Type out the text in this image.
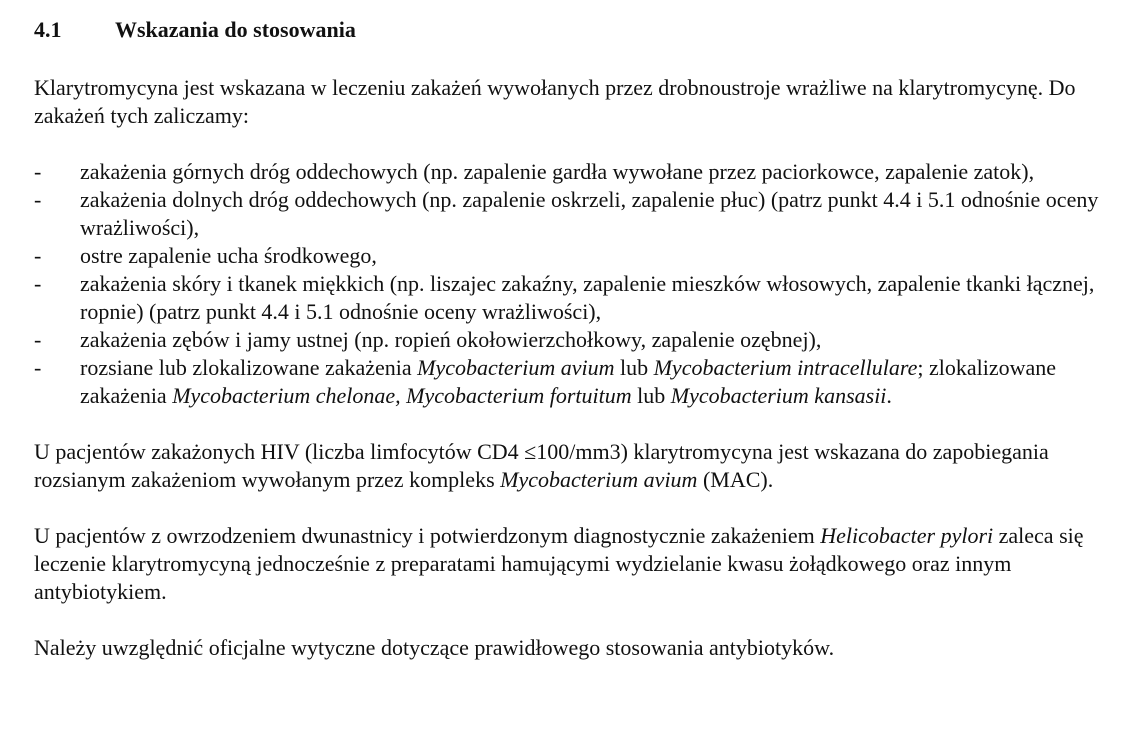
4.1 Wskazania do stosowania

Klarytromycyna jest wskazana w leczeniu zakażeń wywołanych przez drobnoustroje wrażliwe na klarytromycynę. Do zakażeń tych zaliczamy:

- zakażenia górnych dróg oddechowych (np. zapalenie gardła wywołane przez paciorkowce, zapalenie zatok),
- zakażenia dolnych dróg oddechowych (np. zapalenie oskrzeli, zapalenie płuc) (patrz punkt 4.4 i 5.1 odnośnie oceny wrażliwości),
- ostre zapalenie ucha środkowego,
- zakażenia skóry i tkanek miękkich (np. liszajec zakaźny, zapalenie mieszków włosowych, zapalenie tkanki łącznej, ropnie) (patrz punkt 4.4 i 5.1 odnośnie oceny wrażliwości),
- zakażenia zębów i jamy ustnej (np. ropień okołowierzchołkowy, zapalenie ozębnej),
- rozsiane lub zlokalizowane zakażenia Mycobacterium avium lub Mycobacterium intracellulare; zlokalizowane zakażenia Mycobacterium chelonae, Mycobacterium fortuitum lub Mycobacterium kansasii.

U pacjentów zakażonych HIV (liczba limfocytów CD4 ≤100/mm3) klarytromycyna jest wskazana do zapobiegania rozsianym zakażeniom wywołanym przez kompleks Mycobacterium avium (MAC).

U pacjentów z owrzodzeniem dwunastnicy i potwierdzonym diagnostycznie zakażeniem Helicobacter pylori zaleca się leczenie klarytromycyną jednocześnie z preparatami hamującymi wydzielanie kwasu żołądkowego oraz innym antybiotykiem.

Należy uwzględnić oficjalne wytyczne dotyczące prawidłowego stosowania antybiotyków.
